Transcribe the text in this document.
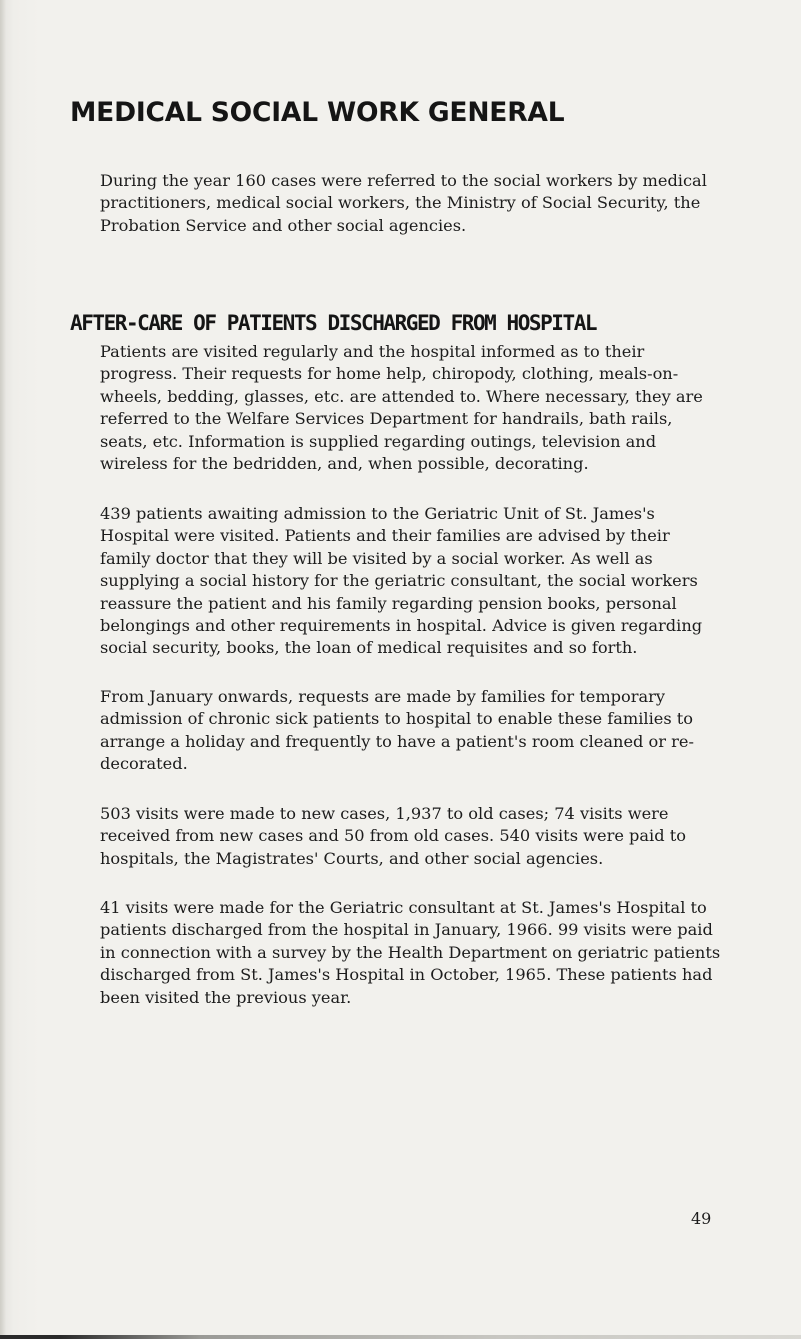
MEDICAL SOCIAL WORK GENERAL

During the year 160 cases were referred to the social workers by medical practitioners, medical social workers, the Ministry of Social Security, the Probation Service and other social agencies.

AFTER-CARE OF PATIENTS DISCHARGED FROM HOSPITAL

Patients are visited regularly and the hospital informed as to their progress. Their requests for home help, chiropody, clothing, meals-on-wheels, bedding, glasses, etc. are attended to. Where necessary, they are referred to the Welfare Services Department for handrails, bath rails, seats, etc. Information is supplied regarding outings, television and wireless for the bedridden, and, when possible, decorating.

439 patients awaiting admission to the Geriatric Unit of St. James's Hospital were visited. Patients and their families are advised by their family doctor that they will be visited by a social worker. As well as supplying a social history for the geriatric consultant, the social workers reassure the patient and his family regarding pension books, personal belongings and other requirements in hospital. Advice is given regarding social security, books, the loan of medical requisites and so forth.

From January onwards, requests are made by families for temporary admission of chronic sick patients to hospital to enable these families to arrange a holiday and frequently to have a patient's room cleaned or re-decorated.

503 visits were made to new cases, 1,937 to old cases; 74 visits were received from new cases and 50 from old cases. 540 visits were paid to hospitals, the Magistrates' Courts, and other social agencies.

41 visits were made for the Geriatric consultant at St. James's Hospital to patients discharged from the hospital in January, 1966. 99 visits were paid in connection with a survey by the Health Department on geriatric patients discharged from St. James's Hospital in October, 1965. These patients had been visited the previous year.

49
